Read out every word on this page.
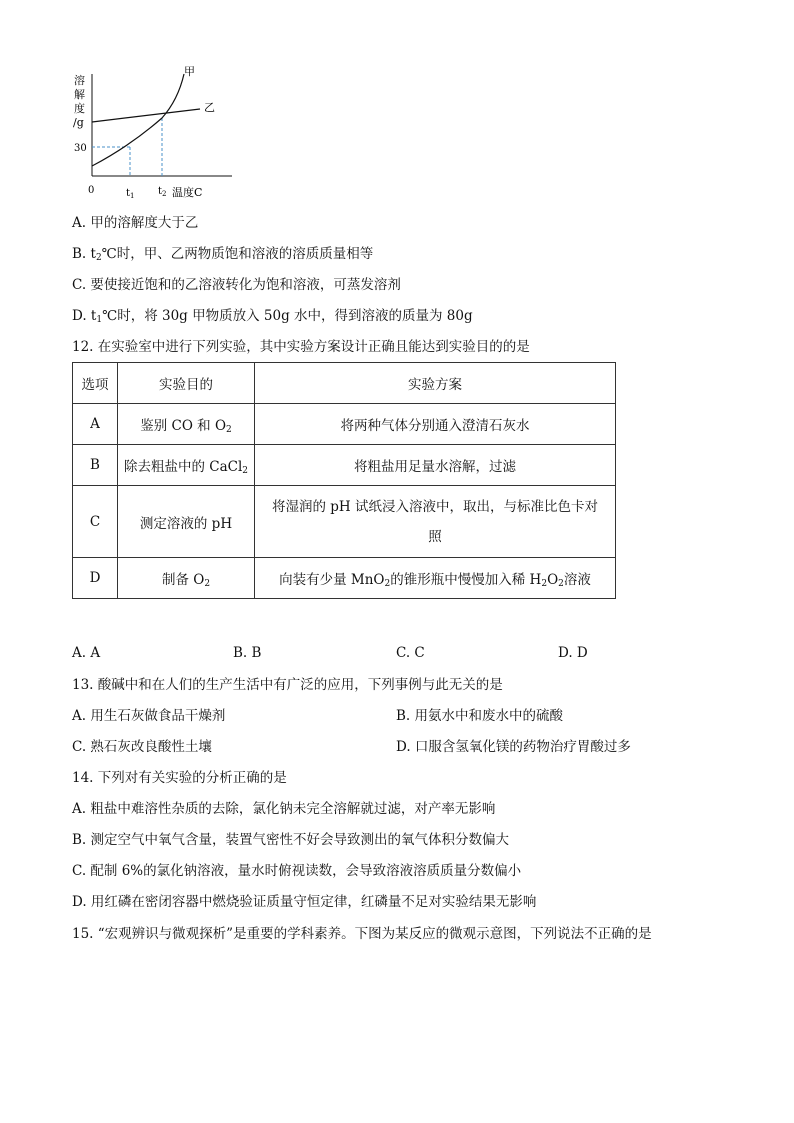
溶
解
度
/g
30
0
甲
乙
$t_1$ $t_2$ 温度C
A. 甲的溶解度大于乙
B. $t_2℃$时，甲、乙两物质饱和溶液的溶质质量相等
C. 要使接近饱和的乙溶液转化为饱和溶液，可蒸发溶剂
D. $t_1℃$时，将 30g 甲物质放入 50g 水中，得到溶液的质量为 80g
12. 在实验室中进行下列实验，其中实验方案设计正确且能达到实验目的的是
选项	实验目的	实验方案
A	鉴别 CO 和 $O_2$	将两种气体分别通入澄清石灰水
B	除去粗盐中的 CaCl$_2$	将粗盐用足量水溶解，过滤
C	测定溶液的 pH	将湿润的 pH 试纸浸入溶液中，取出，与标准比色卡对
照

D	制备 $O_2$	向装有少量 MnO$_2$的锥形瓶中慢慢加入稀 $H_2O_2$溶液
A. A	B. B	C. C	D. D
13. 酸碱中和在人们的生产生活中有广泛的应用，下列事例与此无关的是
A. 用生石灰做食品干燥剂	B. 用氨水中和废水中的硫酸
C. 熟石灰改良酸性土壤	D. 口服含氢氧化镁的药物治疗胃酸过多
14. 下列对有关实验的分析正确的是
A. 粗盐中难溶性杂质的去除，氯化钠未完全溶解就过滤，对产率无影响
B. 测定空气中氧气含量，装置气密性不好会导致测出的氧气体积分数偏大
C. 配制 6%的氯化钠溶液，量水时俯视读数，会导致溶液溶质质量分数偏小
D. 用红磷在密闭容器中燃烧验证质量守恒定律，红磷量不足对实验结果无影响
15. “宏观辨识与微观探析”是重要的学科素养。下图为某反应的微观示意图，下列说法不正确的是
